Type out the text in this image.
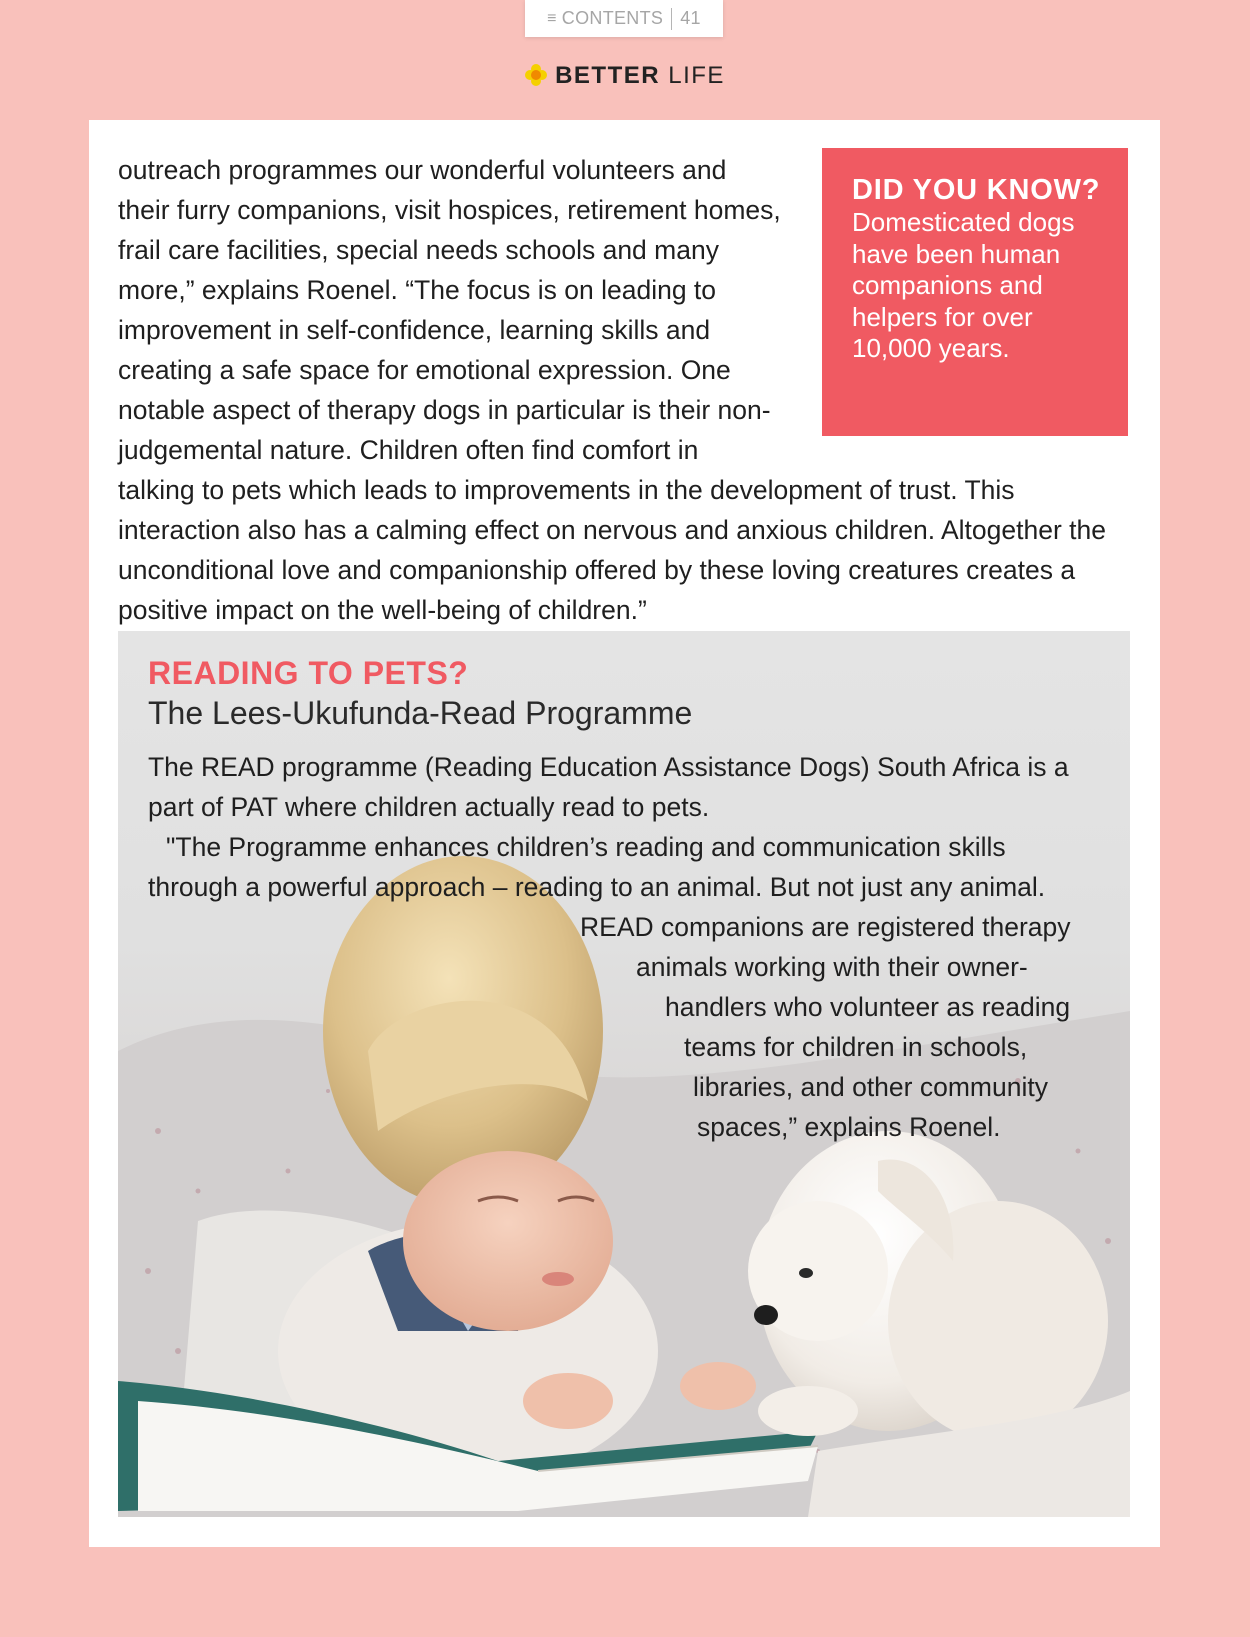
≡ CONTENTS 41
BETTER LIFE
DID YOU KNOW?
Domesticated dogs have been human companions and helpers for over 10,000 years.
outreach programmes our wonderful volunteers and their furry companions, visit hospices, retirement homes, frail care facilities, special needs schools and many more,” explains Roenel. “The focus is on leading to improvement in self-confidence, learning skills and creating a safe space for emotional expression. One notable aspect of therapy dogs in particular is their non-judgemental nature. Children often find comfort in talking to pets which leads to improvements in the development of trust. This interaction also has a calming effect on nervous and anxious children. Altogether the unconditional love and companionship offered by these loving creatures creates a positive impact on the well-being of children.”
READING TO PETS?
The Lees-Ukufunda-Read Programme

The READ programme (Reading Education Assistance Dogs) South Africa is a

part of PAT where children actually read to pets.

"The Programme enhances children’s reading and communication skills

through a powerful approach – reading to an animal. But not just any animal.

READ companions are registered therapy

animals working with their owner-

handlers who volunteer as reading

teams for children in schools,

libraries, and other community

spaces,” explains Roenel.
